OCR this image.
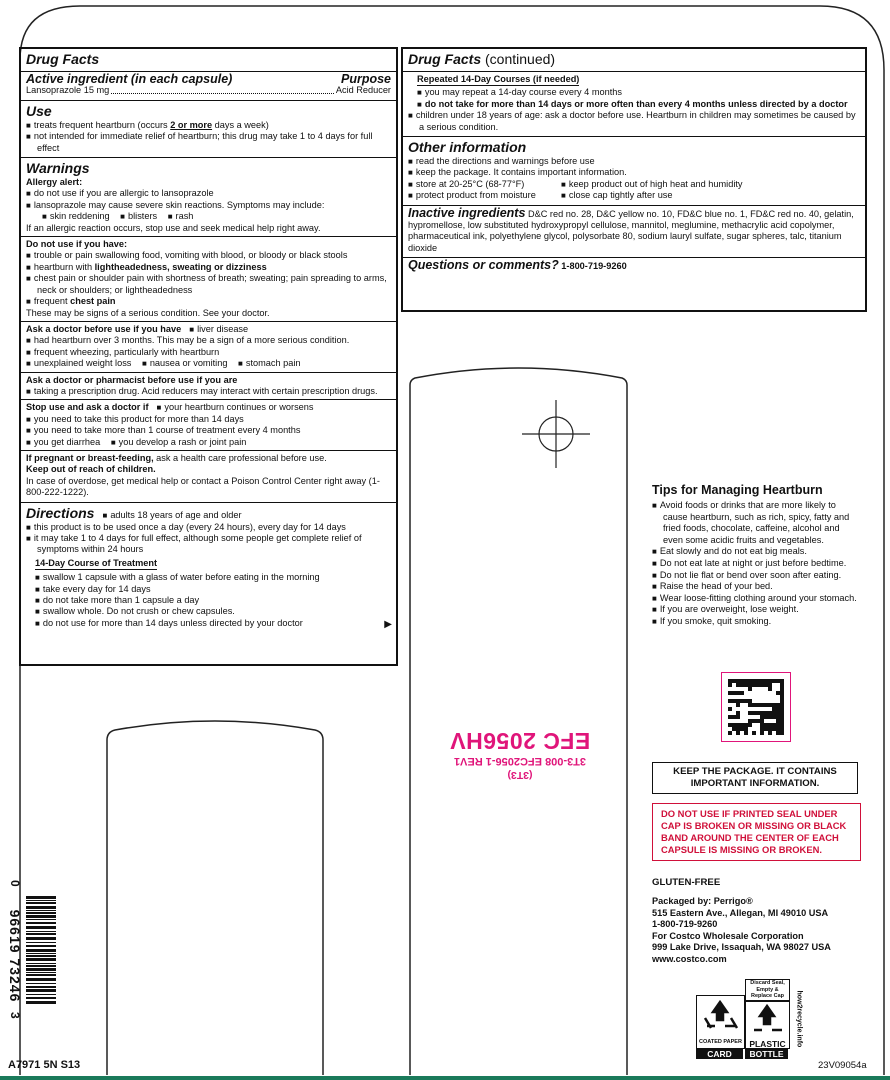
Drug Facts
Active ingredient (in each capsule)	Purpose
Lansoprazole 15 mg	Acid Reducer
Use
■ treats frequent heartburn (occurs 2 or more days a week)
■ not intended for immediate relief of heartburn; this drug may take 1 to 4 days for full effect
Warnings
Allergy alert:
■ do not use if you are allergic to lansoprazole
■ lansoprazole may cause severe skin reactions. Symptoms may include:
■ skin reddening ■ blisters ■ rash
If an allergic reaction occurs, stop use and seek medical help right away.
Do not use if you have:
■ trouble or pain swallowing food, vomiting with blood, or bloody or black stools
■ heartburn with lightheadedness, sweating or dizziness
■ chest pain or shoulder pain with shortness of breath; sweating; pain spreading to arms, neck or shoulders; or lightheadedness
■ frequent chest pain
These may be signs of a serious condition. See your doctor.
Ask a doctor before use if you have ■ liver disease
■ had heartburn over 3 months. This may be a sign of a more serious condition.
■ frequent wheezing, particularly with heartburn
■ unexplained weight loss ■ nausea or vomiting ■ stomach pain
Ask a doctor or pharmacist before use if you are
■ taking a prescription drug. Acid reducers may interact with certain prescription drugs.
Stop use and ask a doctor if ■ your heartburn continues or worsens
■ you need to take this product for more than 14 days
■ you need to take more than 1 course of treatment every 4 months
■ you get diarrhea ■ you develop a rash or joint pain
If pregnant or breast-feeding, ask a health care professional before use.
Keep out of reach of children.
In case of overdose, get medical help or contact a Poison Control Center right away (1-800-222-1222).
Directions ■ adults 18 years of age and older
■ this product is to be used once a day (every 24 hours), every day for 14 days
■ it may take 1 to 4 days for full effect, although some people get complete relief of symptoms within 24 hours
14-Day Course of Treatment
■ swallow 1 capsule with a glass of water before eating in the morning
■ take every day for 14 days
■ do not take more than 1 capsule a day
■ swallow whole. Do not crush or chew capsules.
■ do not use for more than 14 days unless directed by your doctor	▶
Drug Facts (continued)
Repeated 14-Day Courses (if needed)
■ you may repeat a 14-day course every 4 months
■ do not take for more than 14 days or more often than every 4 months unless directed by a doctor
■ children under 18 years of age: ask a doctor before use. Heartburn in children may sometimes be caused by a serious condition.
Other information
■ read the directions and warnings before use
■ keep the package. It contains important information.
■ store at 20-25°C (68-77°F)	■ keep product out of high heat and humidity
■ protect product from moisture	■ close cap tightly after use
Inactive ingredients D&C red no. 28, D&C yellow no. 10, FD&C blue no. 1, FD&C red no. 40, gelatin, hypromellose, low substituted hydroxypropyl cellulose, mannitol, meglumine, methacrylic acid copolymer, pharmaceutical ink, polyethylene glycol, polysorbate 80, sodium lauryl sulfate, sugar spheres, talc, titanium dioxide
Questions or comments? 1-800-719-9260
Tips for Managing Heartburn
■ Avoid foods or drinks that are more likely to cause heartburn, such as rich, spicy, fatty and fried foods, chocolate, caffeine, alcohol and even some acidic fruits and vegetables.
■ Eat slowly and do not eat big meals.
■ Do not eat late at night or just before bedtime.
■ Do not lie flat or bend over soon after eating.
■ Raise the head of your bed.
■ Wear loose-fitting clothing around your stomach.
■ If you are overweight, lose weight.
■ If you smoke, quit smoking.
(3T3)
3T3-008 EFC2056-1 REV1
EFC 2056HV
KEEP THE PACKAGE. IT CONTAINS IMPORTANT INFORMATION.
DO NOT USE IF PRINTED SEAL UNDER CAP IS BROKEN OR MISSING OR BLACK BAND AROUND THE CENTER OF EACH CAPSULE IS MISSING OR BROKEN.
GLUTEN-FREE
Packaged by: Perrigo®
515 Eastern Ave., Allegan, MI 49010 USA
1-800-719-9260
For Costco Wholesale Corporation
999 Lake Drive, Issaquah, WA 98027 USA
www.costco.com
COATED PAPER
CARD
Discard Seal, Empty & Replace Cap
PLASTIC
BOTTLE
how2recycle.info
0
96619 73246
3
A7971 5N S13	23V09054a
